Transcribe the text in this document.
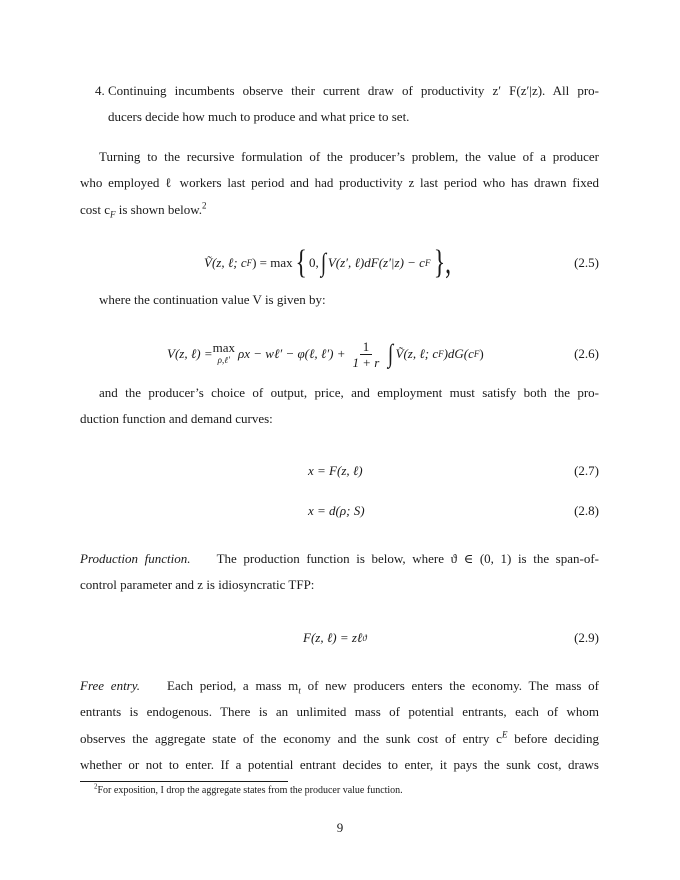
4. Continuing incumbents observe their current draw of productivity z′ F(z′|z). All pro-
ducers decide how much to produce and what price to set.
Turning to the recursive formulation of the producer’s problem, the value of a producer
who employed ℓ workers last period and had productivity z last period who has drawn fixed
cost $c_F$ is shown below.$^2$
Ṽ(z, ℓ; c F ) = max { 0, ∫ V(z′, ℓ)dF(z′|z) − c F },	(2.5)
where the continuation value V is given by:
V(z, ℓ) = max
ρ,ℓ′ ρx − wℓ′ − φ(ℓ, ℓ′) + $\frac{1}{1 + r}$ ∫ Ṽ(z, ℓ; c F )dG(c F )	(2.6)
and the producer’s choice of output, price, and employment must satisfy both the pro-
duction function and demand curves:
x = F(z, ℓ)	(2.7)
x = d(ρ; S)	(2.8)
Production function. The production function is below, where ϑ ∈ (0, 1) is the span-of-
control parameter and z is idiosyncratic TFP:
F(z, ℓ) = zℓ ϑ	(2.9)
Free entry. Each period, a mass $m_t$ of new producers enters the economy. The mass of
entrants is endogenous. There is an unlimited mass of potential entrants, each of whom
observes the aggregate state of the economy and the sunk cost of entry $c^E$ before deciding
whether or not to enter. If a potential entrant decides to enter, it pays the sunk cost, draws
$^2$For exposition, I drop the aggregate states from the producer value function.
9
